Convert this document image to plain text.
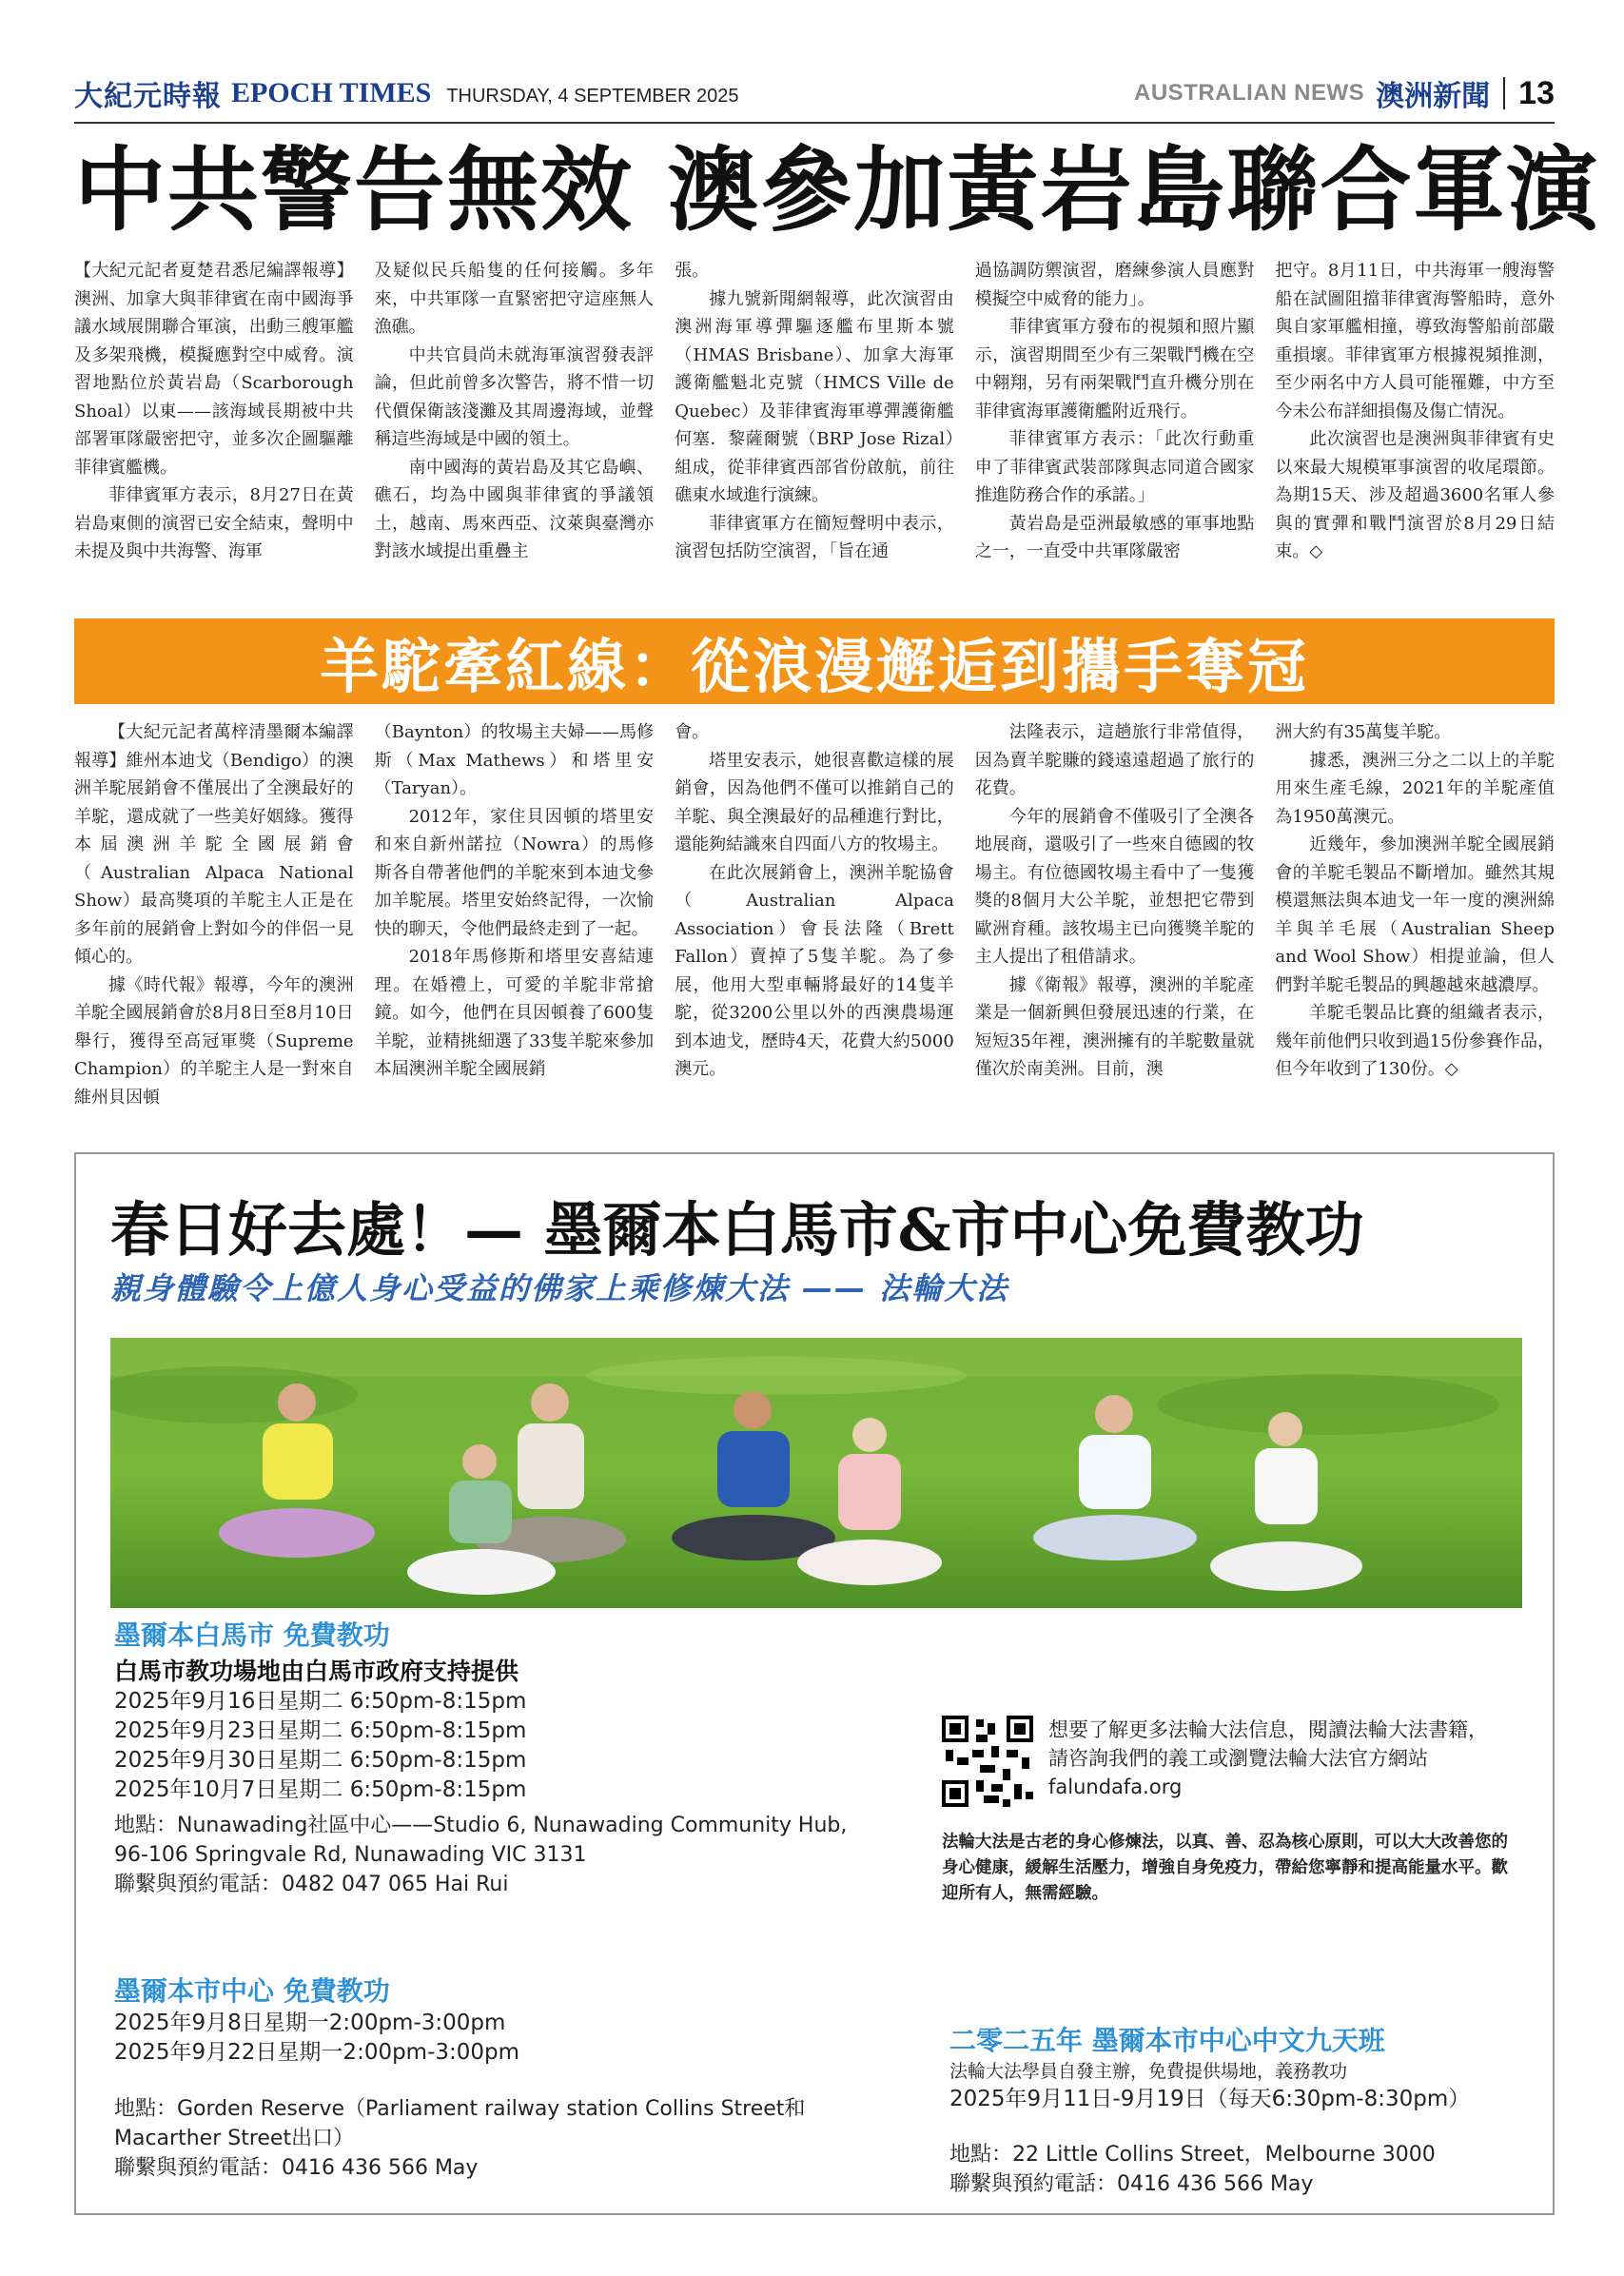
大紀元時報 EPOCH TIMES THURSDAY, 4 SEPTEMBER 2025	AUSTRALIAN NEWS 澳洲新聞 13
中共警告無效 澳參加黃岩島聯合軍演

【大紀元記者夏楚君悉尼編譯報導】澳洲、加拿大與菲律賓在南中國海爭議水域展開聯合軍演，出動三艘軍艦及多架飛機，模擬應對空中威脅。演習地點位於黃岩島（Scarborough Shoal）以東——該海域長期被中共部署軍隊嚴密把守，並多次企圖驅離菲律賓艦機。

菲律賓軍方表示，8月27日在黃岩島東側的演習已安全結束，聲明中未提及與中共海警、海軍

及疑似民兵船隻的任何接觸。多年來，中共軍隊一直緊密把守這座無人漁礁。

中共官員尚未就海軍演習發表評論，但此前曾多次警告，將不惜一切代價保衛該淺灘及其周邊海域，並聲稱這些海域是中國的領土。

南中國海的黃岩島及其它島嶼、礁石，均為中國與菲律賓的爭議領土，越南、馬來西亞、汶萊與臺灣亦對該水域提出重疊主

張。

據九號新聞網報導，此次演習由澳洲海軍導彈驅逐艦布里斯本號（HMAS Brisbane）、加拿大海軍護衛艦魁北克號（HMCS Ville de Quebec）及菲律賓海軍導彈護衛艦何塞．黎薩爾號（BRP Jose Rizal）組成，從菲律賓西部省份啟航，前往礁東水域進行演練。

菲律賓軍方在簡短聲明中表示，演習包括防空演習，「旨在通

過協調防禦演習，磨練參演人員應對模擬空中威脅的能力」。

菲律賓軍方發布的視頻和照片顯示，演習期間至少有三架戰鬥機在空中翱翔，另有兩架戰鬥直升機分別在菲律賓海軍護衛艦附近飛行。

菲律賓軍方表示：「此次行動重申了菲律賓武裝部隊與志同道合國家推進防務合作的承諾。」

黃岩島是亞洲最敏感的軍事地點之一，一直受中共軍隊嚴密

把守。8月11日，中共海軍一艘海警船在試圖阻擋菲律賓海警船時，意外與自家軍艦相撞，導致海警船前部嚴重損壞。菲律賓軍方根據視頻推測，至少兩名中方人員可能罹難，中方至今未公布詳細損傷及傷亡情況。

此次演習也是澳洲與菲律賓有史以來最大規模軍事演習的收尾環節。為期15天、涉及超過3600名軍人參與的實彈和戰鬥演習於8月29日結束。◇

羊駝牽紅線：從浪漫邂逅到攜手奪冠

【大紀元記者萬梓清墨爾本編譯報導】維州本迪戈（Bendigo）的澳洲羊駝展銷會不僅展出了全澳最好的羊駝，還成就了一些美好姻緣。獲得本屆澳洲羊駝全國展銷會（Australian Alpaca National Show）最高獎項的羊駝主人正是在多年前的展銷會上對如今的伴侶一見傾心的。

據《時代報》報導，今年的澳洲羊駝全國展銷會於8月8日至8月10日舉行，獲得至高冠軍獎（Supreme Champion）的羊駝主人是一對來自維州貝因頓

（Baynton）的牧場主夫婦——馬修斯（Max Mathews）和塔里安（Taryan）。

2012年，家住貝因頓的塔里安和來自新州諾拉（Nowra）的馬修斯各自帶著他們的羊駝來到本迪戈參加羊駝展。塔里安始終記得，一次愉快的聊天，令他們最終走到了一起。

2018年馬修斯和塔里安喜結連理。在婚禮上，可愛的羊駝非常搶鏡。如今，他們在貝因頓養了600隻羊駝，並精挑細選了33隻羊駝來參加本屆澳洲羊駝全國展銷

會。

塔里安表示，她很喜歡這樣的展銷會，因為他們不僅可以推銷自己的羊駝、與全澳最好的品種進行對比，還能夠結識來自四面八方的牧場主。

在此次展銷會上，澳洲羊駝協會（Australian Alpaca Association）會長法隆（Brett Fallon）賣掉了5隻羊駝。為了參展，他用大型車輛將最好的14隻羊駝，從3200公里以外的西澳農場運到本迪戈，歷時4天，花費大約5000澳元。

法隆表示，這趟旅行非常值得，因為賣羊駝賺的錢遠遠超過了旅行的花費。

今年的展銷會不僅吸引了全澳各地展商，還吸引了一些來自德國的牧場主。有位德國牧場主看中了一隻獲獎的8個月大公羊駝，並想把它帶到歐洲育種。該牧場主已向獲獎羊駝的主人提出了租借請求。

據《衛報》報導，澳洲的羊駝產業是一個新興但發展迅速的行業，在短短35年裡，澳洲擁有的羊駝數量就僅次於南美洲。目前，澳

洲大約有35萬隻羊駝。

據悉，澳洲三分之二以上的羊駝用來生產毛線，2021年的羊駝產值為1950萬澳元。

近幾年，參加澳洲羊駝全國展銷會的羊駝毛製品不斷增加。雖然其規模還無法與本迪戈一年一度的澳洲綿羊與羊毛展（Australian Sheep and Wool Show）相提並論，但人們對羊駝毛製品的興趣越來越濃厚。

羊駝毛製品比賽的組織者表示，幾年前他們只收到過15份參賽作品，但今年收到了130份。◇

春日好去處！— 墨爾本白馬市&市中心免費教功
親身體驗令上億人身心受益的佛家上乘修煉大法 —— 法輪大法
墨爾本白馬市 免費教功
白馬市教功場地由白馬市政府支持提供
2025年9月16日星期二 6:50pm-8:15pm
2025年9月23日星期二 6:50pm-8:15pm
2025年9月30日星期二 6:50pm-8:15pm
2025年10月7日星期二 6:50pm-8:15pm
地點：Nunawading社區中心——Studio 6, Nunawading Community Hub, 96-106 Springvale Rd, Nunawading VIC 3131
聯繫與預約電話：0482 047 065 Hai Rui
墨爾本市中心 免費教功
2025年9月8日星期一2:00pm-3:00pm
2025年9月22日星期一2:00pm-3:00pm
地點：Gorden Reserve（Parliament railway station Collins Street和Macarther Street出口）
聯繫與預約電話：0416 436 566 May
想要了解更多法輪大法信息，閱讀法輪大法書籍，請咨詢我們的義工或瀏覽法輪大法官方網站falundafa.org
法輪大法是古老的身心修煉法，以真、善、忍為核心原則，可以大大改善您的身心健康，緩解生活壓力，增強自身免疫力，帶給您寧靜和提高能量水平。歡迎所有人，無需經驗。
二零二五年 墨爾本市中心中文九天班
法輪大法學員自發主辦，免費提供場地，義務教功
2025年9月11日-9月19日（每天6:30pm-8:30pm）
地點：22 Little Collins Street，Melbourne 3000
聯繫與預約電話：0416 436 566 May
